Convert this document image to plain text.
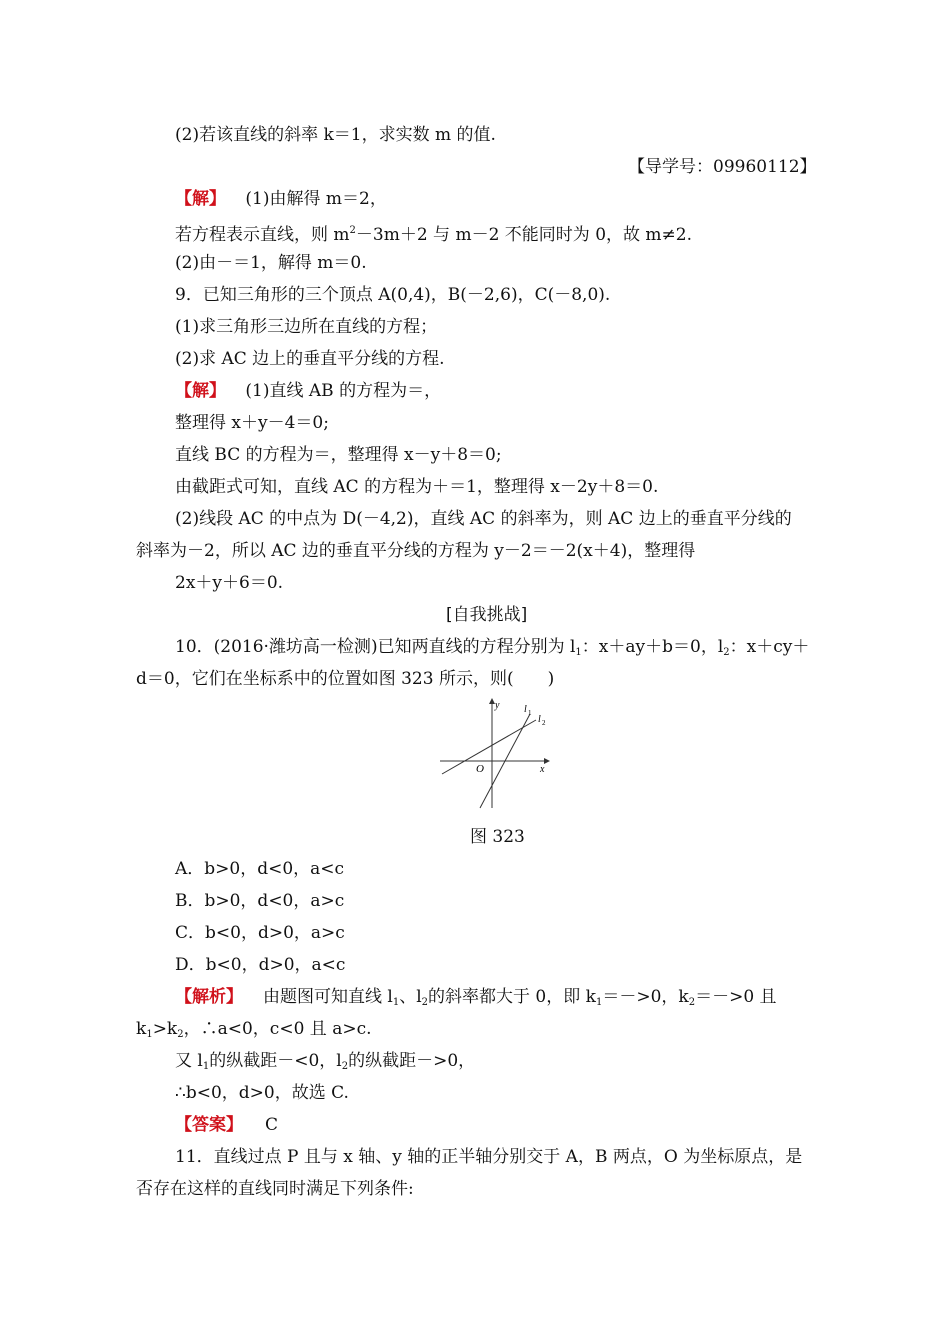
(2)若该直线的斜率 k＝1，求实数 m 的值.
【导学号：09960112】
【解】 (1)由解得 m＝2，
若方程表示直线，则 $m^2-3m+2$ 与 m－2 不能同时为 0，故 m≠2.
(2)由－＝1，解得 m＝0.
9．已知三角形的三个顶点 A(0,4)，B(－2,6)，C(－8,0).
(1)求三角形三边所在直线的方程；
(2)求 AC 边上的垂直平分线的方程.
【解】 (1)直线 AB 的方程为＝，
整理得 x＋y－4＝0;
直线 BC 的方程为＝，整理得 x－y＋8＝0;
由截距式可知，直线 AC 的方程为＋＝1，整理得 x－2y＋8＝0.
(2)线段 AC 的中点为 D(－4,2)，直线 AC 的斜率为，则 AC 边上的垂直平分线的
斜率为－2，所以 AC 边的垂直平分线的方程为 y－2＝－2(x＋4)，整理得
2x＋y＋6＝0.
[自我挑战]
10．(2016·潍坊高一检测)已知两直线的方程分别为 $l_1$：x＋ay＋b＝0，$l_2$：x＋cy＋
d＝0，它们在坐标系中的位置如图 323 所示，则(　　)
y
x
O
l 1
l 2
图 323
A．b>0，d<0，a<c
B．b>0，d<0，a>c
C．b<0，d>0，a>c
D．b<0，d>0，a<c
【解析】 由题图可知直线 $l_1$、$l_2$的斜率都大于 0，即 $k_1=->0$，$k_2=->0$ 且
$k_1>k_2$，∴a<0，c<0 且 a>c.
又 $l_1$的纵截距－<0，$l_2$的纵截距－>0，
∴b<0，d>0，故选 C.
【答案】 C
11．直线过点 P 且与 x 轴、y 轴的正半轴分别交于 A，B 两点，O 为坐标原点，是
否存在这样的直线同时满足下列条件:
